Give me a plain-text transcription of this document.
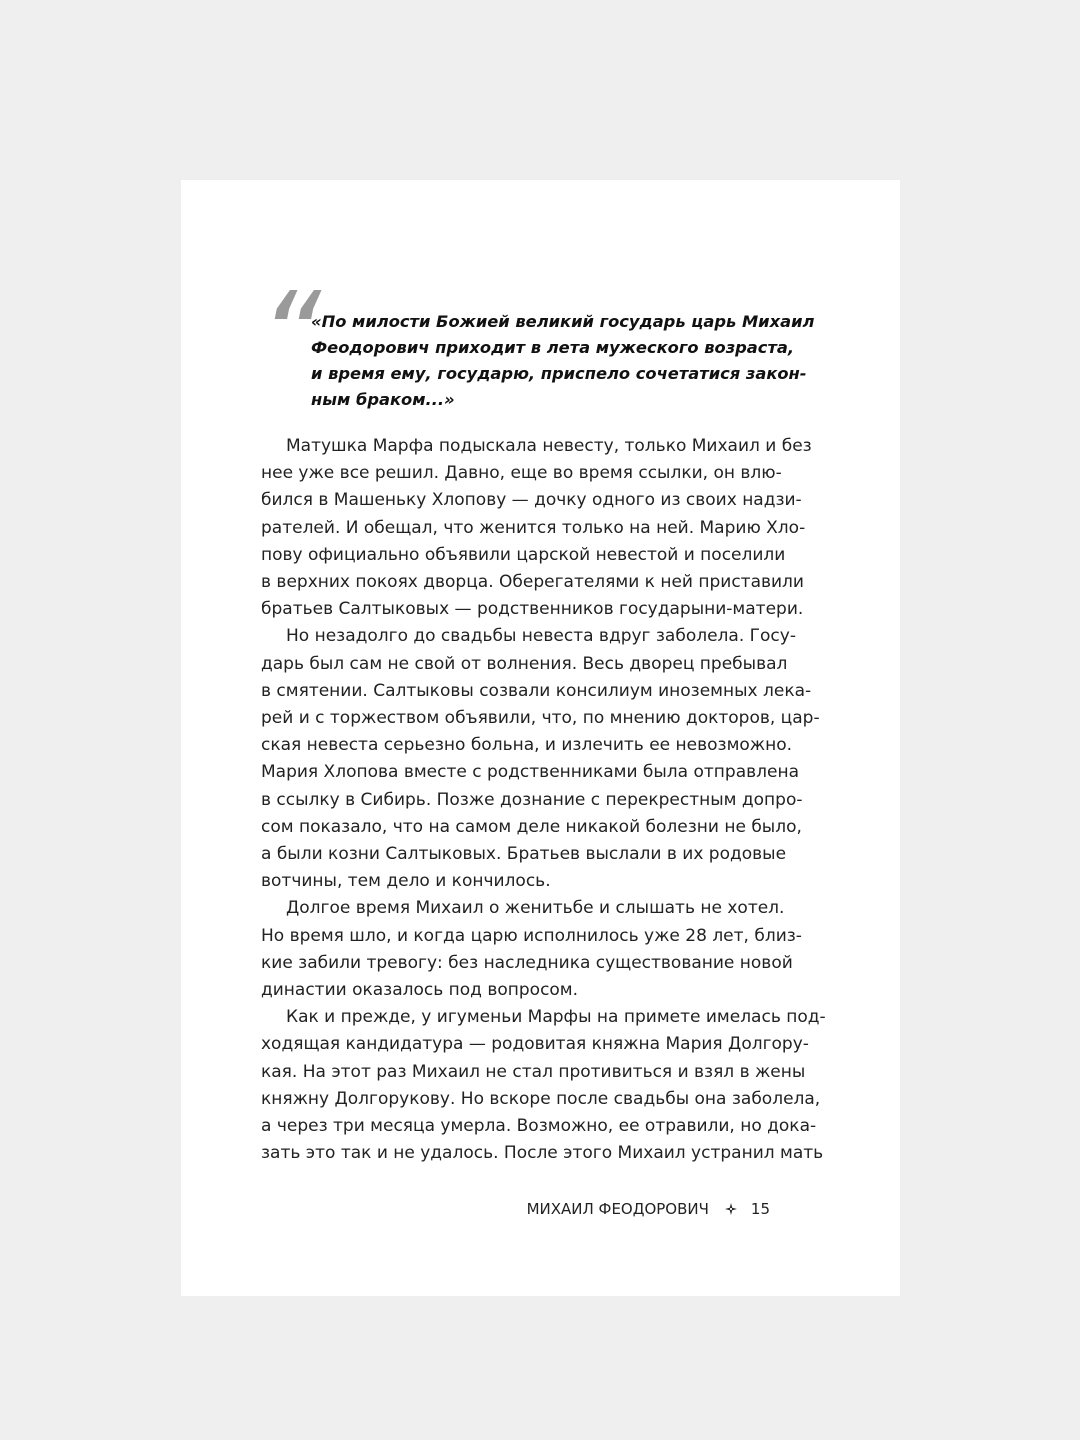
“

«По милости Божией великий государь царь Михаил
Феодорович приходит в лета мужеского возраста,
и время ему, государю, приспело сочетатися закон-
ным браком...»

Матушка Марфа подыскала невесту, только Михаил и без
нее уже все решил. Давно, еще во время ссылки, он влю-
бился в Машеньку Хлопову — дочку одного из своих надзи-
рателей. И обещал, что женится только на ней. Марию Хло-
пову официально объявили царской невестой и поселили
в верхних покоях дворца. Оберегателями к ней приставили
братьев Салтыковых — родственников государыни-матери.
Но незадолго до свадьбы невеста вдруг заболела. Госу-
дарь был сам не свой от волнения. Весь дворец пребывал
в смятении. Салтыковы созвали консилиум иноземных лека-
рей и с торжеством объявили, что, по мнению докторов, цар-
ская невеста серьезно больна, и излечить ее невозможно.
Мария Хлопова вместе с родственниками была отправлена
в ссылку в Сибирь. Позже дознание с перекрестным допро-
сом показало, что на самом деле никакой болезни не было,
а были козни Салтыковых. Братьев выслали в их родовые
вотчины, тем дело и кончилось.
Долгое время Михаил о женитьбе и слышать не хотел.
Но время шло, и когда царю исполнилось уже 28 лет, близ-
кие забили тревогу: без наследника существование новой
династии оказалось под вопросом.
Как и прежде, у игуменьи Марфы на примете имелась под-
ходящая кандидатура — родовитая княжна Мария Долгору-
кая. На этот раз Михаил не стал противиться и взял в жены
княжну Долгорукову. Но вскоре после свадьбы она заболела,
а через три месяца умерла. Возможно, ее отравили, но дока-
зать это так и не удалось. После этого Михаил устранил мать
МИХАИЛ ФЕОДОРОВИЧ	15
